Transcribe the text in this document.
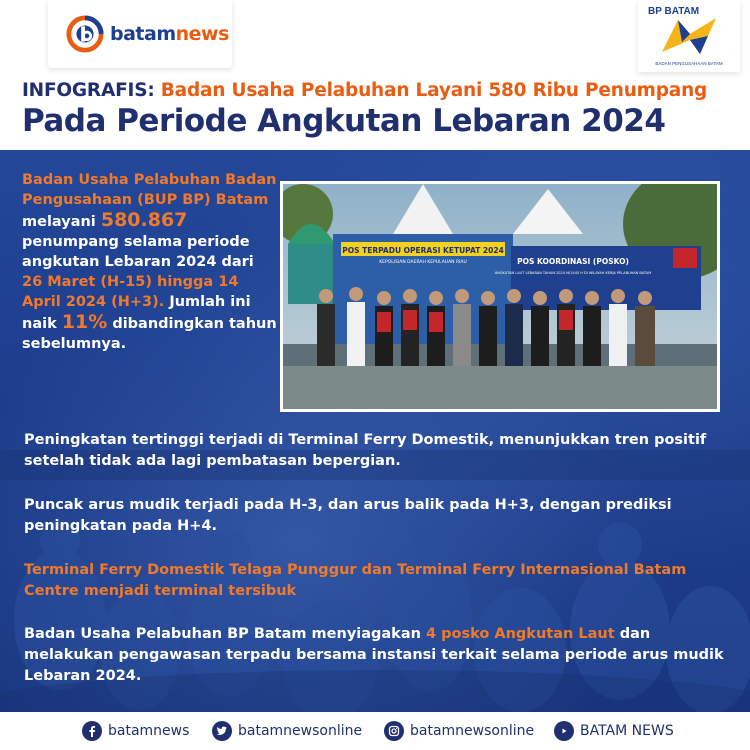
batamnews
BP BATAM
BADAN PENGUSAHAAN BATAM
INFOGRAFIS: Badan Usaha Pelabuhan Layani 580 Ribu Penumpang
Pada Periode Angkutan Lebaran 2024
Badan Usaha Pelabuhan Badan Pengusahaan (BUP BP) Batam melayani 580.867 penumpang selama periode angkutan Lebaran 2024 dari 26 Maret (H-15) hingga 14 April 2024 (H+3). Jumlah ini naik 11% dibandingkan tahun sebelumnya.
POS TERPADU OPERASI KETUPAT 2024
KEPOLISIAN DAERAH KEPULAUAN RIAU	POS KOORDINASI (POSKO)
ANGKUTAN LAUT LEBARAN TAHUN 2024 M/1445 H DI WILAYAH KERJA PELABUHAN BATAM
Peningkatan tertinggi terjadi di Terminal Ferry Domestik, menunjukkan tren positif setelah tidak ada lagi pembatasan bepergian.
Puncak arus mudik terjadi pada H-3, dan arus balik pada H+3, dengan prediksi peningkatan pada H+4.
Terminal Ferry Domestik Telaga Punggur dan Terminal Ferry Internasional Batam Centre menjadi terminal tersibuk
Badan Usaha Pelabuhan BP Batam menyiagakan 4 posko Angkutan Laut dan melakukan pengawasan terpadu bersama instansi terkait selama periode arus mudik Lebaran 2024.
batamnews	batamnewsonline	batamnewsonline	BATAM NEWS
